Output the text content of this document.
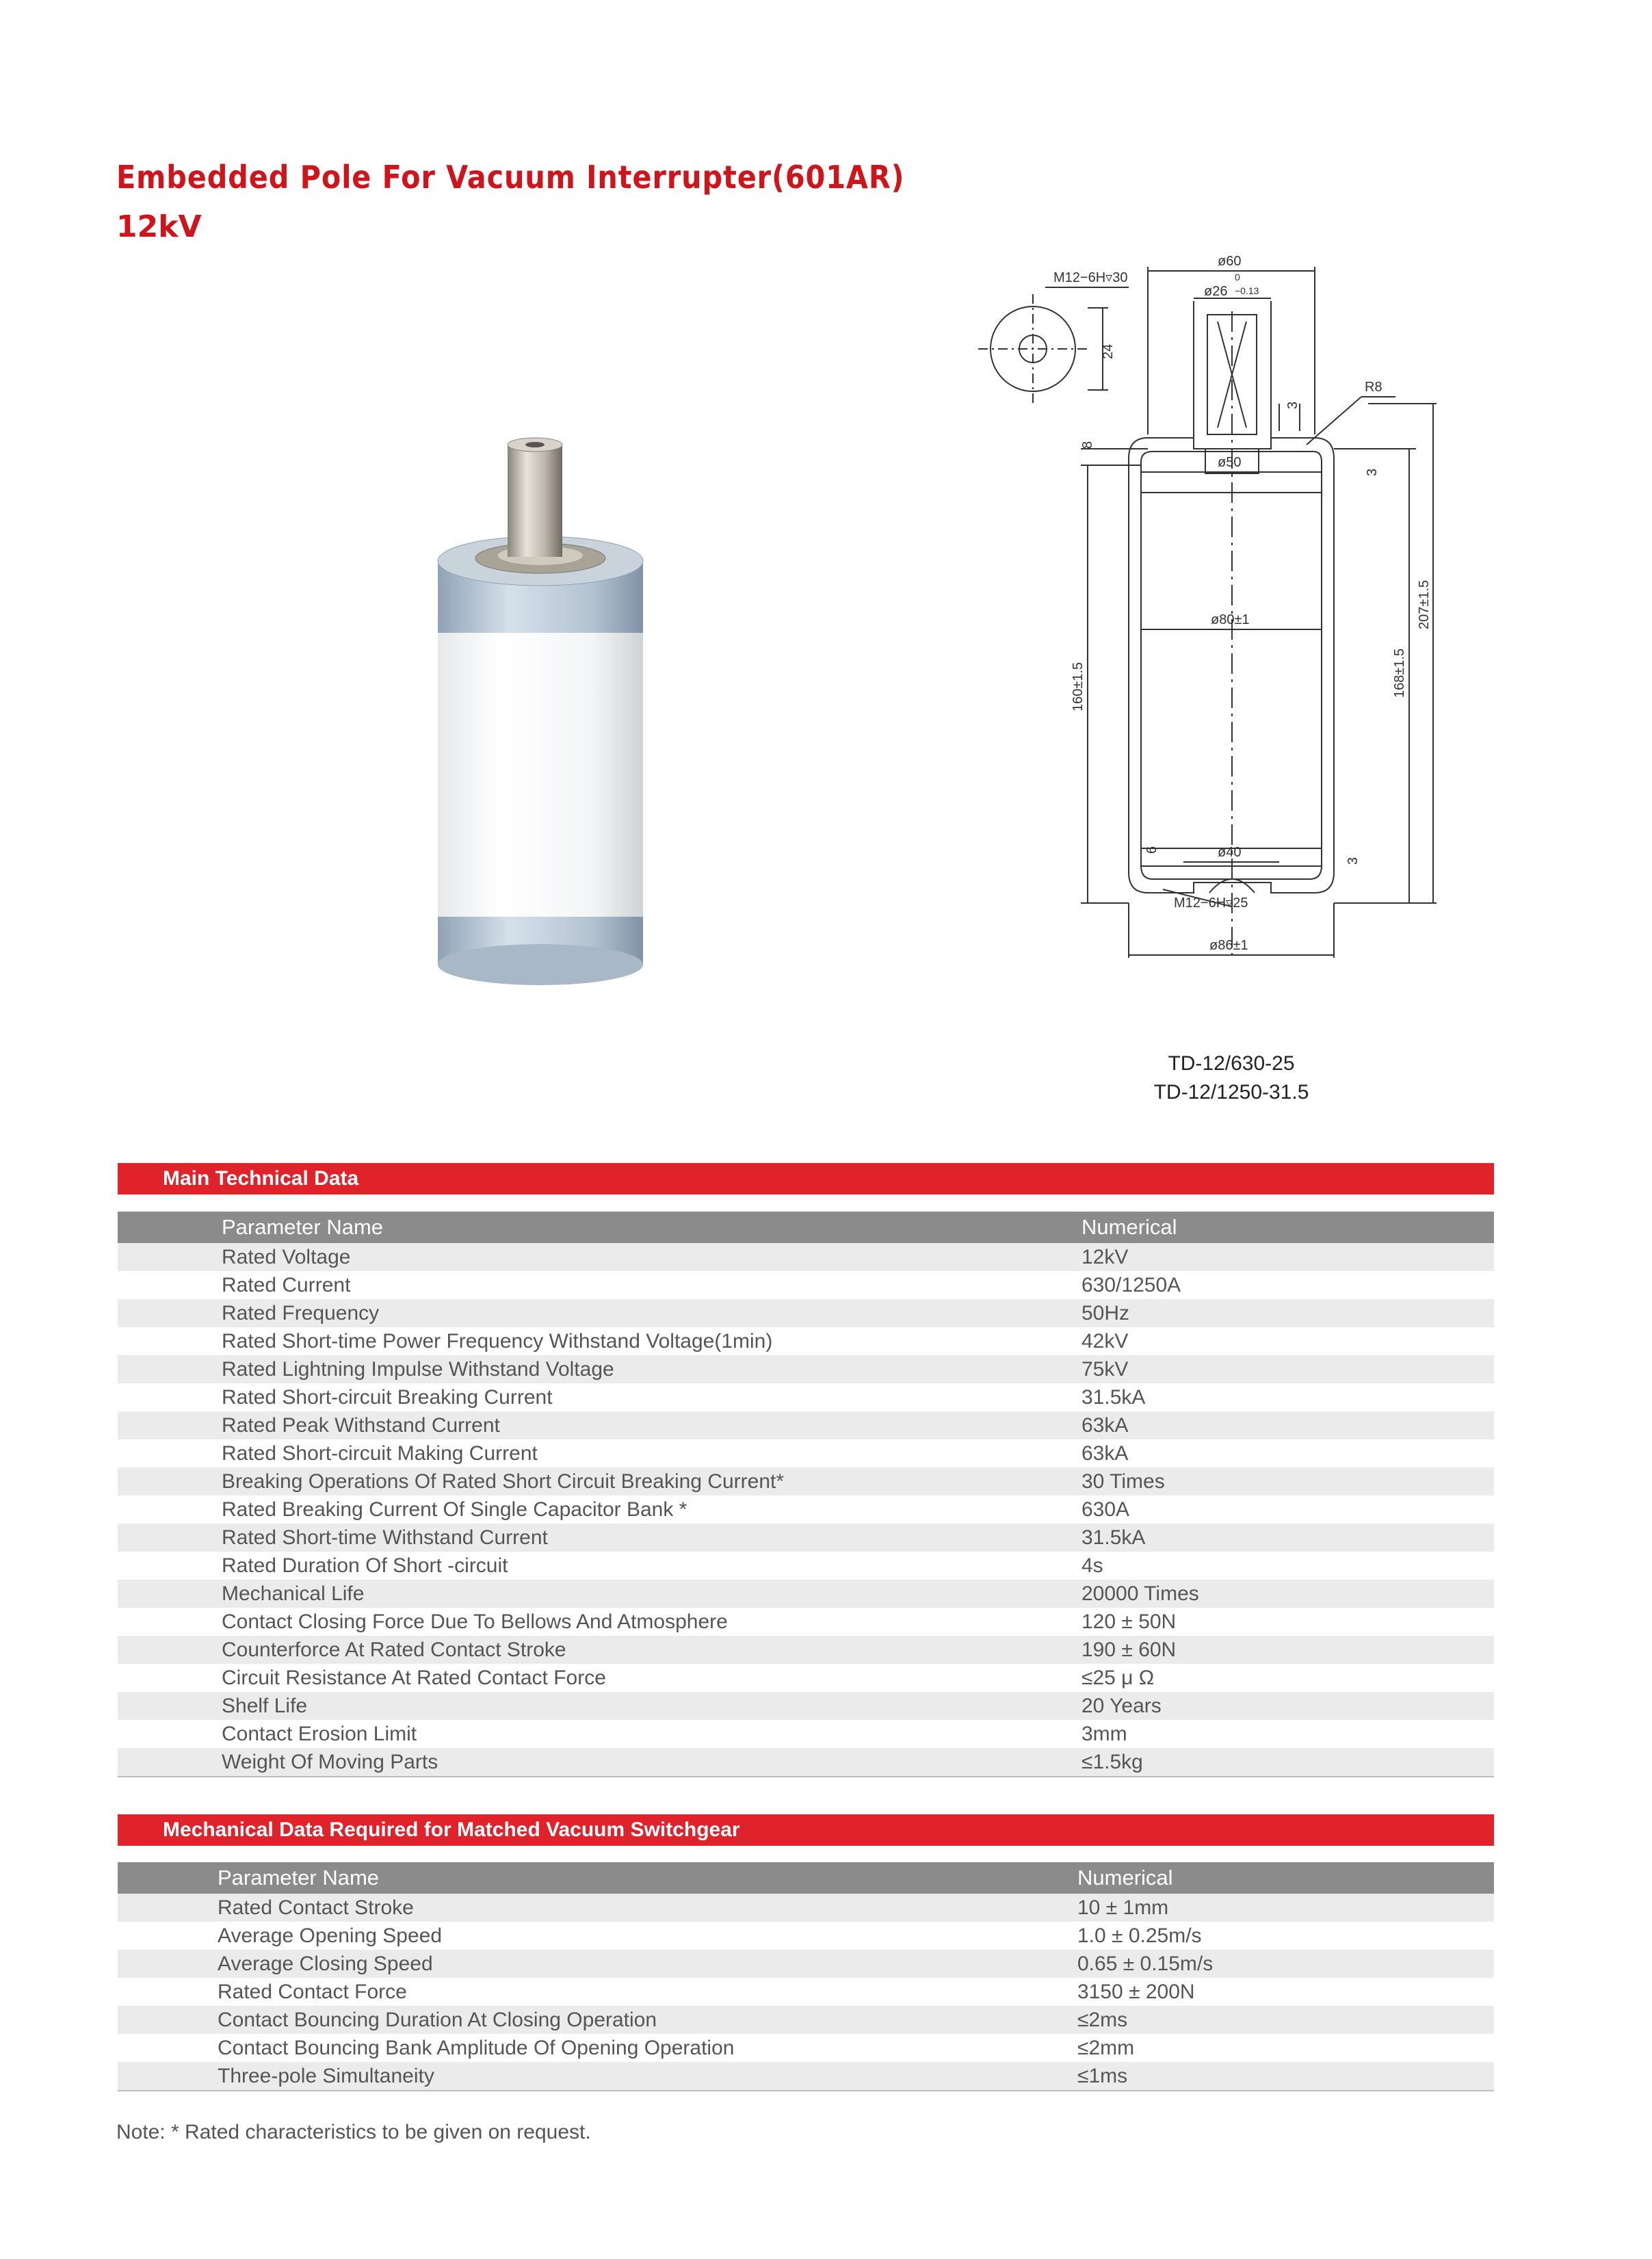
Embedded Pole For Vacuum Interrupter(601AR)
12kV
M12−6H▿30
24
ø60
ø26
0
−0.13
3
R8
ø50
8
160±1.5	168±1.5
207±1.5
3
ø80±1
6	ø40
3
M12−6H▿25
ø86±1
TD-12/630-25
TD-12/1250-31.5
Main Technical Data
Parameter Name	Numerical
Rated Voltage	12kV
Rated Current	630/1250A
Rated Frequency	50Hz
Rated Short-time Power Frequency Withstand Voltage(1min)	42kV
Rated Lightning Impulse Withstand Voltage	75kV
Rated Short-circuit Breaking Current	31.5kA
Rated Peak Withstand Current	63kA
Rated Short-circuit Making Current	63kA
Breaking Operations Of Rated Short Circuit Breaking Current*	30 Times
Rated Breaking Current Of Single Capacitor Bank *	630A
Rated Short-time Withstand Current	31.5kA
Rated Duration Of Short -circuit	4s
Mechanical Life	20000 Times
Contact Closing Force Due To Bellows And Atmosphere	120 ± 50N
Counterforce At Rated Contact Stroke	190 ± 60N
Circuit Resistance At Rated Contact Force	≤25 μ Ω
Shelf Life	20 Years
Contact Erosion Limit	3mm
Weight Of Moving Parts	≤1.5kg
Mechanical Data Required for Matched Vacuum Switchgear
Parameter Name	Numerical
Rated Contact Stroke	10 ± 1mm
Average Opening Speed	1.0 ± 0.25m/s
Average Closing Speed	0.65 ± 0.15m/s
Rated Contact Force	3150 ± 200N
Contact Bouncing Duration At Closing Operation	≤2ms
Contact Bouncing Bank Amplitude Of Opening Operation	≤2mm
Three-pole Simultaneity	≤1ms
Note: * Rated characteristics to be given on request.
